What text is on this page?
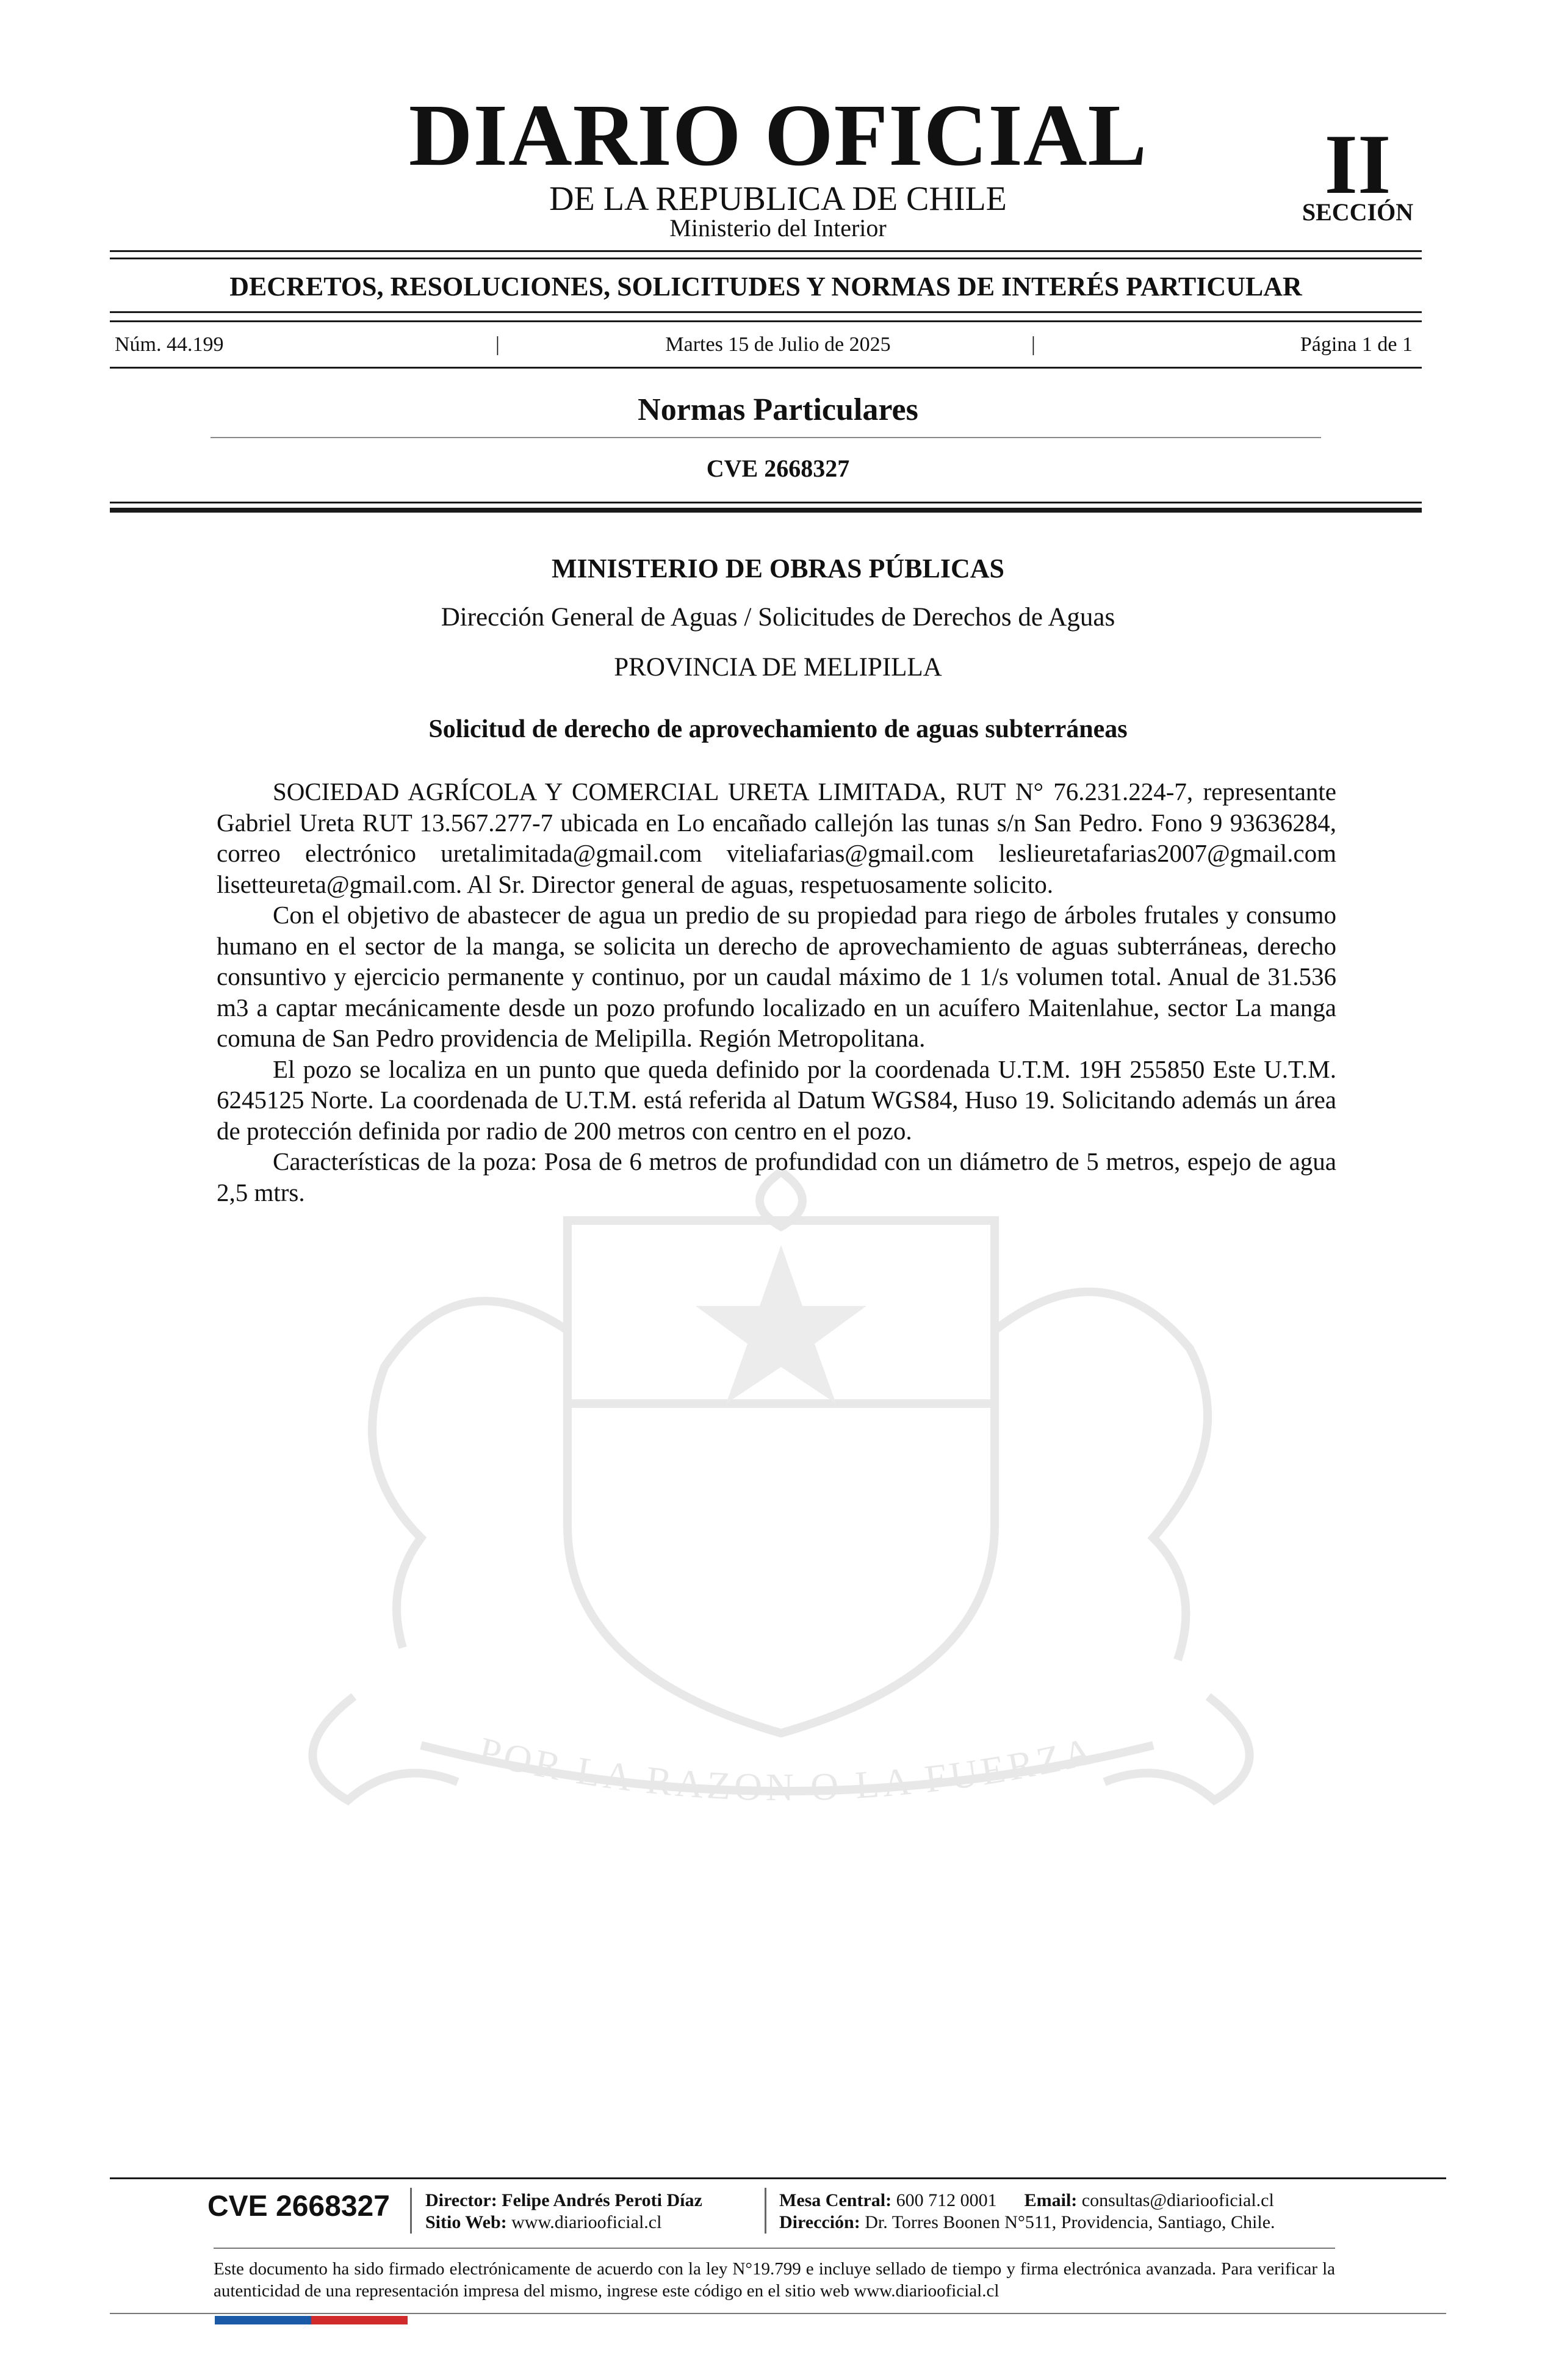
POR LA RAZON O LA FUERZA
DIARIO OFICIAL
DE LA REPUBLICA DE CHILE
Ministerio del Interior
II
SECCIÓN
DECRETOS, RESOLUCIONES, SOLICITUDES Y NORMAS DE INTERÉS PARTICULAR
Núm. 44.199	|	Martes 15 de Julio de 2025	|	Página 1 de 1
Normas Particulares
CVE 2668327
MINISTERIO DE OBRAS PÚBLICAS
Dirección General de Aguas / Solicitudes de Derechos de Aguas
PROVINCIA DE MELIPILLA
Solicitud de derecho de aprovechamiento de aguas subterráneas

SOCIEDAD AGRÍCOLA Y COMERCIAL URETA LIMITADA, RUT N° 76.231.224-7, representante Gabriel Ureta RUT 13.567.277-7 ubicada en Lo encañado callejón las tunas s/n San Pedro. Fono 9 93636284, correo electrónico uretalimitada@gmail.com viteliafarias@gmail.com leslieuretafarias2007@gmail.com lisetteureta@gmail.com. Al Sr. Director general de aguas, respetuosamente solicito.

Con el objetivo de abastecer de agua un predio de su propiedad para riego de árboles frutales y consumo humano en el sector de la manga, se solicita un derecho de aprovechamiento de aguas subterráneas, derecho consuntivo y ejercicio permanente y continuo, por un caudal máximo de 1 1/s volumen total. Anual de 31.536 m3 a captar mecánicamente desde un pozo profundo localizado en un acuífero Maitenlahue, sector La manga comuna de San Pedro providencia de Melipilla. Región Metropolitana.

El pozo se localiza en un punto que queda definido por la coordenada U.T.M. 19H 255850 Este U.T.M. 6245125 Norte. La coordenada de U.T.M. está referida al Datum WGS84, Huso 19. Solicitando además un área de protección definida por radio de 200 metros con centro en el pozo.

Características de la poza: Posa de 6 metros de profundidad con un diámetro de 5 metros, espejo de agua 2,5 mtrs.

CVE 2668327 Director: Felipe Andrés Peroti Díaz
Sitio Web: www.diariooficial.cl
Mesa Central: 600 712 0001 Email: consultas@diariooficial.cl
Dirección: Dr. Torres Boonen N°511, Providencia, Santiago, Chile.
Este documento ha sido firmado electrónicamente de acuerdo con la ley N°19.799 e incluye sellado de tiempo y firma electrónica avanzada. Para verificar la autenticidad de una representación impresa del mismo, ingrese este código en el sitio web www.diariooficial.cl
